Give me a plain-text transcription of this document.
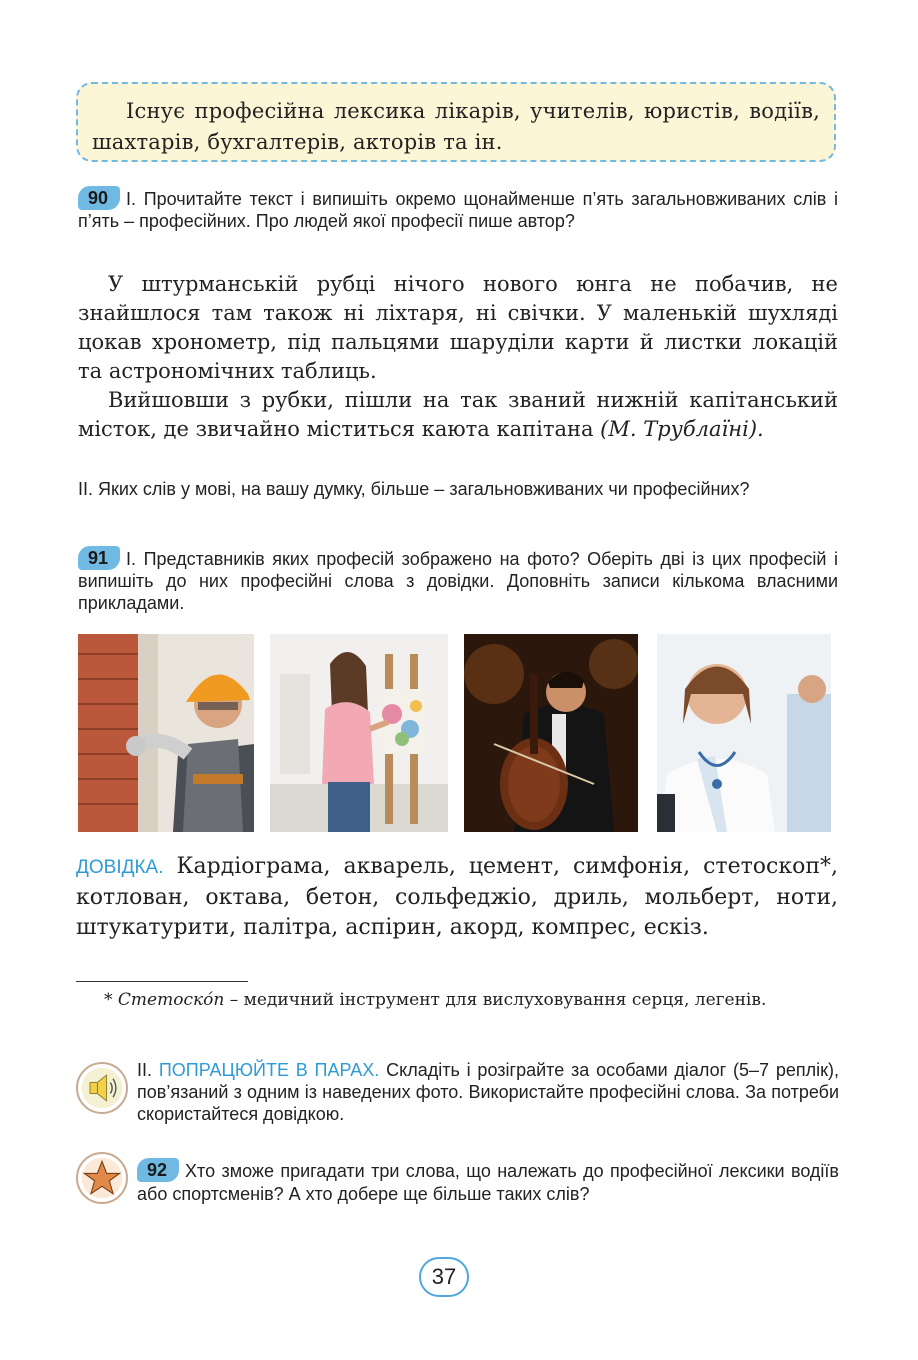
Існує професійна лексика лікарів, учителів, юристів, водіїв, шахтарів, бухгалтерів, акторів та ін.
90 І. Прочитайте текст і випишіть окремо щонайменше п’ять загальновживаних слів і п’ять – професійних. Про людей якої професії пише автор?

У штурманській рубці нічого нового юнга не побачив, не знайшлося там також ні ліхтаря, ні свічки. У маленькій шухляді цокав хронометр, під пальцями шаруділи карти й листки локацій та астрономічних таблиць.

Вийшовши з рубки, пішли на так званий нижній капітанський місток, де звичайно міститься каюта капітана (М. Трублаїні).

ІІ. Яких слів у мові, на вашу думку, більше – загальновживаних чи професійних?
91 І. Представників яких професій зображено на фото? Оберіть дві із цих професій і випишіть до них професійні слова з довідки. Доповніть записи кількома власними прикладами.
ДОВІДКА. Кардіограма, акварель, цемент, симфонія, стетоскоп*, котлован, октава, бетон, сольфеджіо, дриль, мольберт, ноти, штукатурити, палітра, аспірин, акорд, компрес, ескіз.
* Стетоско́п – медичний інструмент для вислуховування серця, легенів.
ІІ. ПОПРАЦЮЙТЕ В ПАРАХ. Складіть і розіграйте за особами діалог (5–7 реплік), пов’язаний з одним із наведених фото. Використайте професійні слова. За потреби скористайтеся довідкою.
92 Хто зможе пригадати три слова, що належать до професійної лексики водіїв або спортсменів? А хто добере ще більше таких слів?
37
